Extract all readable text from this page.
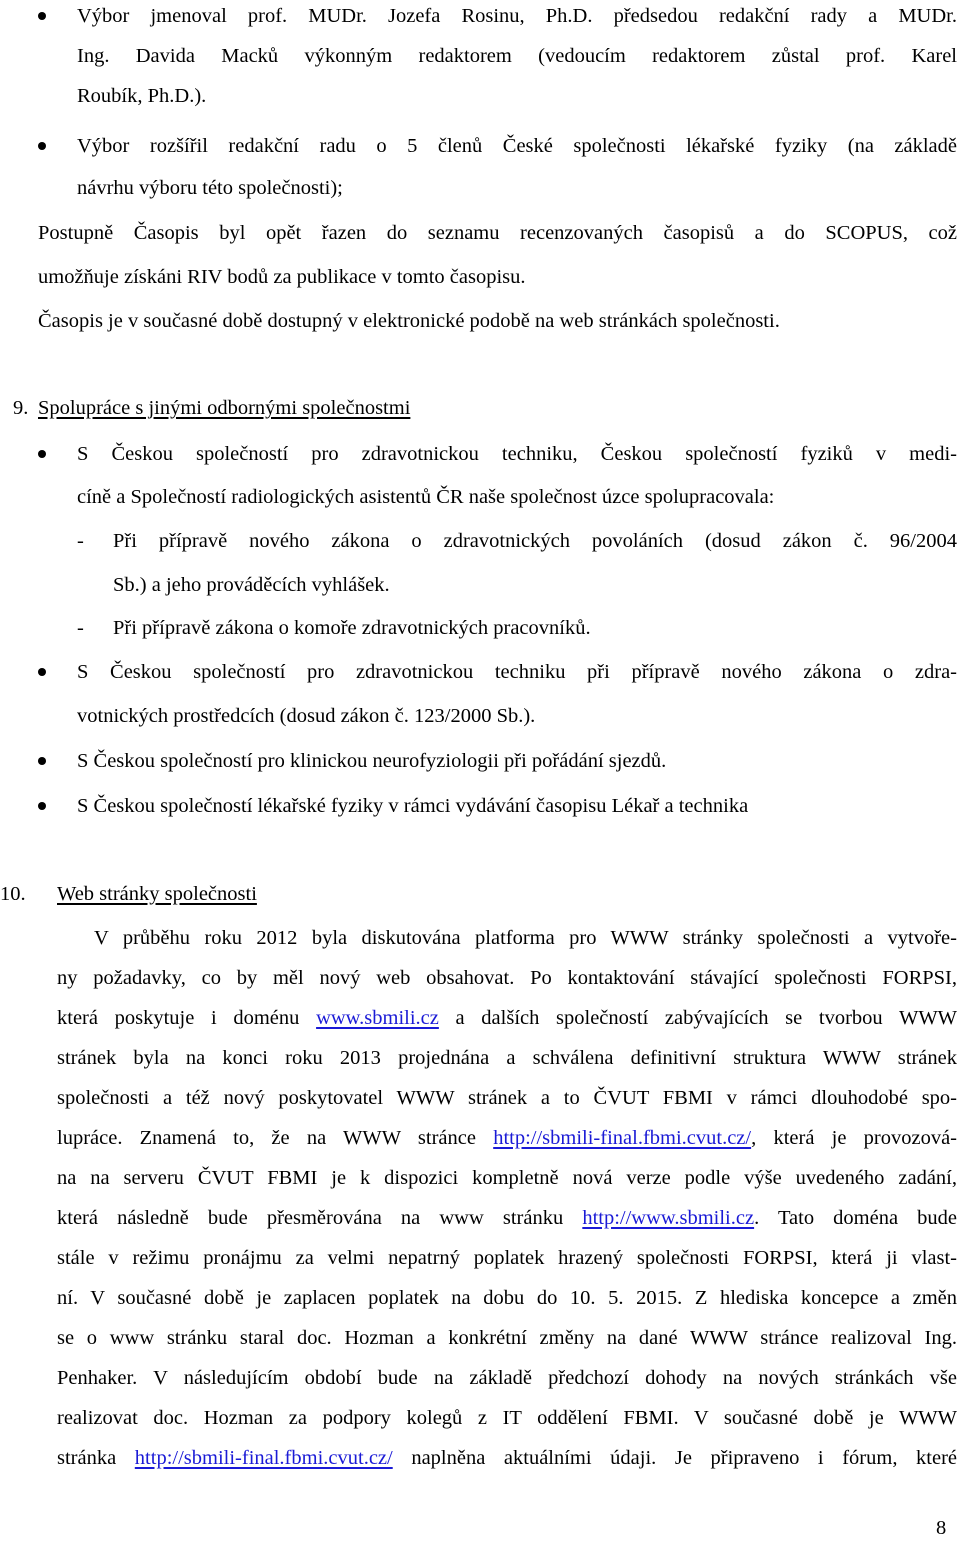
Výbor jmenoval prof. MUDr. Jozefa Rosinu, Ph.D. předsedou redakční rady a MUDr.
Ing. Davida Macků výkonným redaktorem (vedoucím redaktorem zůstal prof. Karel
Roubík, Ph.D.).
Výbor rozšířil redakční radu o 5 členů České společnosti lékařské fyziky (na základě
návrhu výboru této společnosti);
Postupně Časopis byl opět řazen do seznamu recenzovaných časopisů a do SCOPUS, což
umožňuje získáni RIV bodů za publikace v tomto časopisu.
Časopis je v současné době dostupný v elektronické podobě na web stránkách společnosti.
9. Spolupráce s jinými odbornými společnostmi
S Českou společností pro zdravotnickou techniku, Českou společností fyziků v medi-
cíně a Společností radiologických asistentů ČR naše společnost úzce spolupracovala:
- Při přípravě nového zákona o zdravotnických povoláních (dosud zákon č. 96/2004
Sb.) a jeho prováděcích vyhlášek.
- Při přípravě zákona o komoře zdravotnických pracovníků.
S Českou společností pro zdravotnickou techniku při přípravě nového zákona o zdra-
votnických prostředcích (dosud zákon č. 123/2000 Sb.).
S Českou společností pro klinickou neurofyziologii při pořádání sjezdů.
S Českou společností lékařské fyziky v rámci vydávání časopisu Lékař a technika
10. Web stránky společnosti
V průběhu roku 2012 byla diskutována platforma pro WWW stránky společnosti a vytvoře-
ny požadavky, co by měl nový web obsahovat. Po kontaktování stávající společnosti FORPSI,
která poskytuje i doménu www.sbmili.cz a dalších společností zabývajících se tvorbou WWW
stránek byla na konci roku 2013 projednána a schválena definitivní struktura WWW stránek
společnosti a též nový poskytovatel WWW stránek a to ČVUT FBMI v rámci dlouhodobé spo-
lupráce. Znamená to, že na WWW stránce http://sbmili-final.fbmi.cvut.cz/, která je provozová-
na na serveru ČVUT FBMI je k dispozici kompletně nová verze podle výše uvedeného zadání,
která následně bude přesměrována na www stránku http://www.sbmili.cz. Tato doména bude
stále v režimu pronájmu za velmi nepatrný poplatek hrazený společnosti FORPSI, která ji vlast-
ní. V současné době je zaplacen poplatek na dobu do 10. 5. 2015. Z hlediska koncepce a změn
se o www stránku staral doc. Hozman a konkrétní změny na dané WWW stránce realizoval Ing.
Penhaker. V následujícím období bude na základě předchozí dohody na nových stránkách vše
realizovat doc. Hozman za podpory kolegů z IT oddělení FBMI. V současné době je WWW
stránka http://sbmili-final.fbmi.cvut.cz/ naplněna aktuálními údaji. Je připraveno i fórum, které
8
